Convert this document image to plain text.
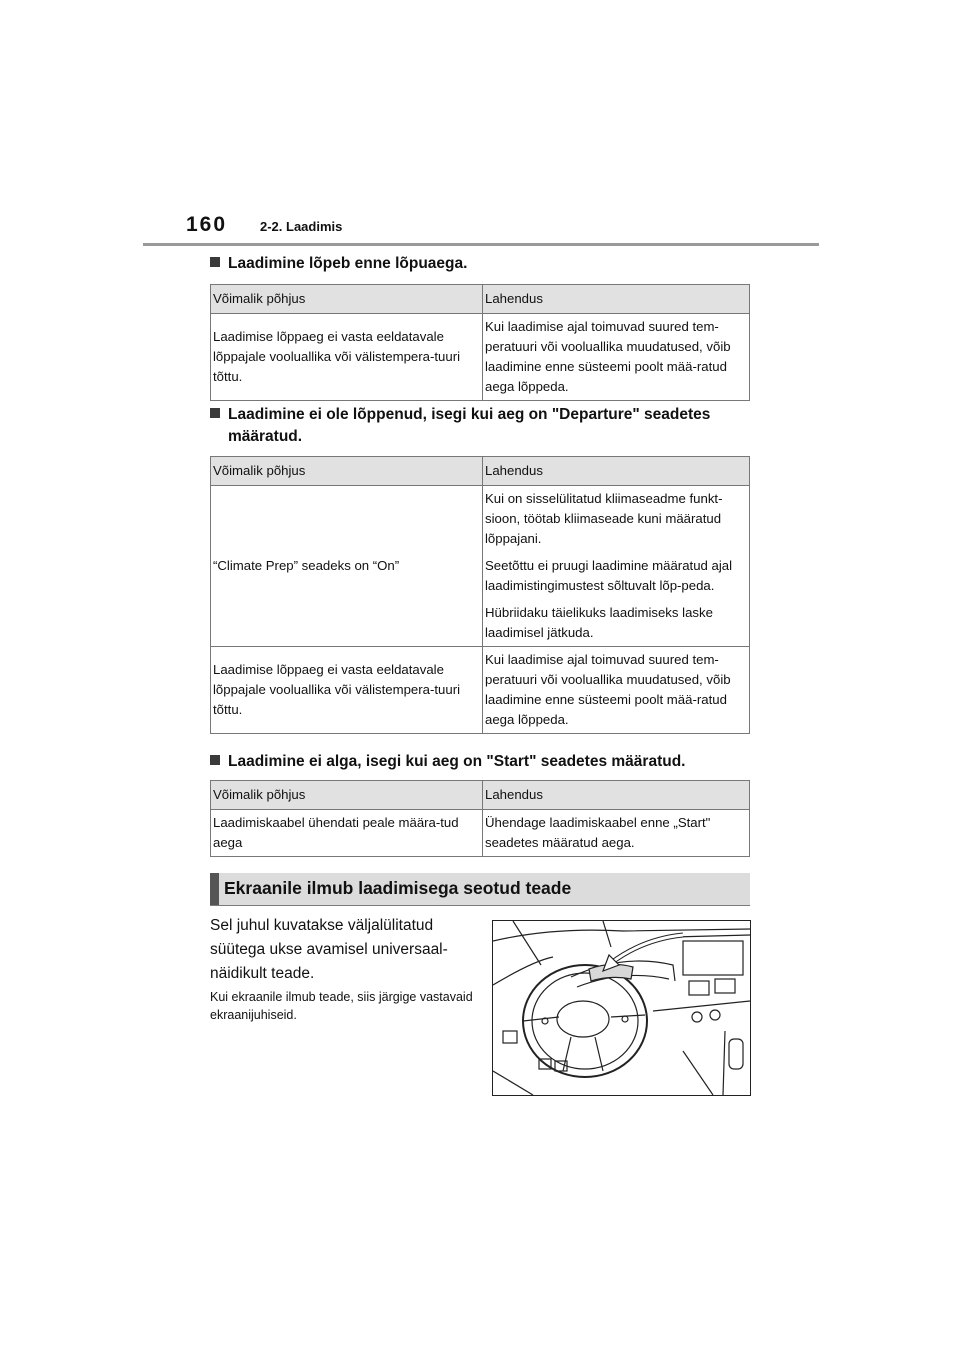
160	2-2. Laadimis
Laadimine lõpeb enne lõpuaega.
Võimalik põhjus	Lahendus
Laadimise lõppaeg ei vasta eeldatavale lõppajale vooluallika või välistempera-tuuri tõttu.	Kui laadimise ajal toimuvad suured tem-peratuuri või vooluallika muudatused, võib laadimine enne süsteemi poolt mää-ratud aega lõppeda.

Laadimine ei ole lõppenud, isegi kui aeg on "Departure" seadetes
määratud.
Võimalik põhjus	Lahendus
“Climate Prep” seadeks on “On”	Kui on sisselülitatud kliimaseadme funkt-sioon, töötab kliimaseade kuni määratud lõppajani.

Seetõttu ei pruugi laadimine määratud ajal laadimistingimustest sõltuvalt lõp-peda.

Hübriidaku täielikuks laadimiseks laske laadimisel jätkuda.

Laadimise lõppaeg ei vasta eeldatavale lõppajale vooluallika või välistempera-tuuri tõttu.	Kui laadimise ajal toimuvad suured tem-peratuuri või vooluallika muudatused, võib laadimine enne süsteemi poolt mää-ratud aega lõppeda.

Laadimine ei alga, isegi kui aeg on "Start" seadetes määratud.
Võimalik põhjus	Lahendus
Laadimiskaabel ühendati peale määra-tud aega	Ühendage laadimiskaabel enne „Start" seadetes määratud aega.

Ekraanile ilmub laadimisega seotud teade
Sel juhul kuvatakse väljalülitatud süütega ukse avamisel universaal-näidikult teade.
Kui ekraanile ilmub teade, siis järgige vastavaid ekraanijuhiseid.
